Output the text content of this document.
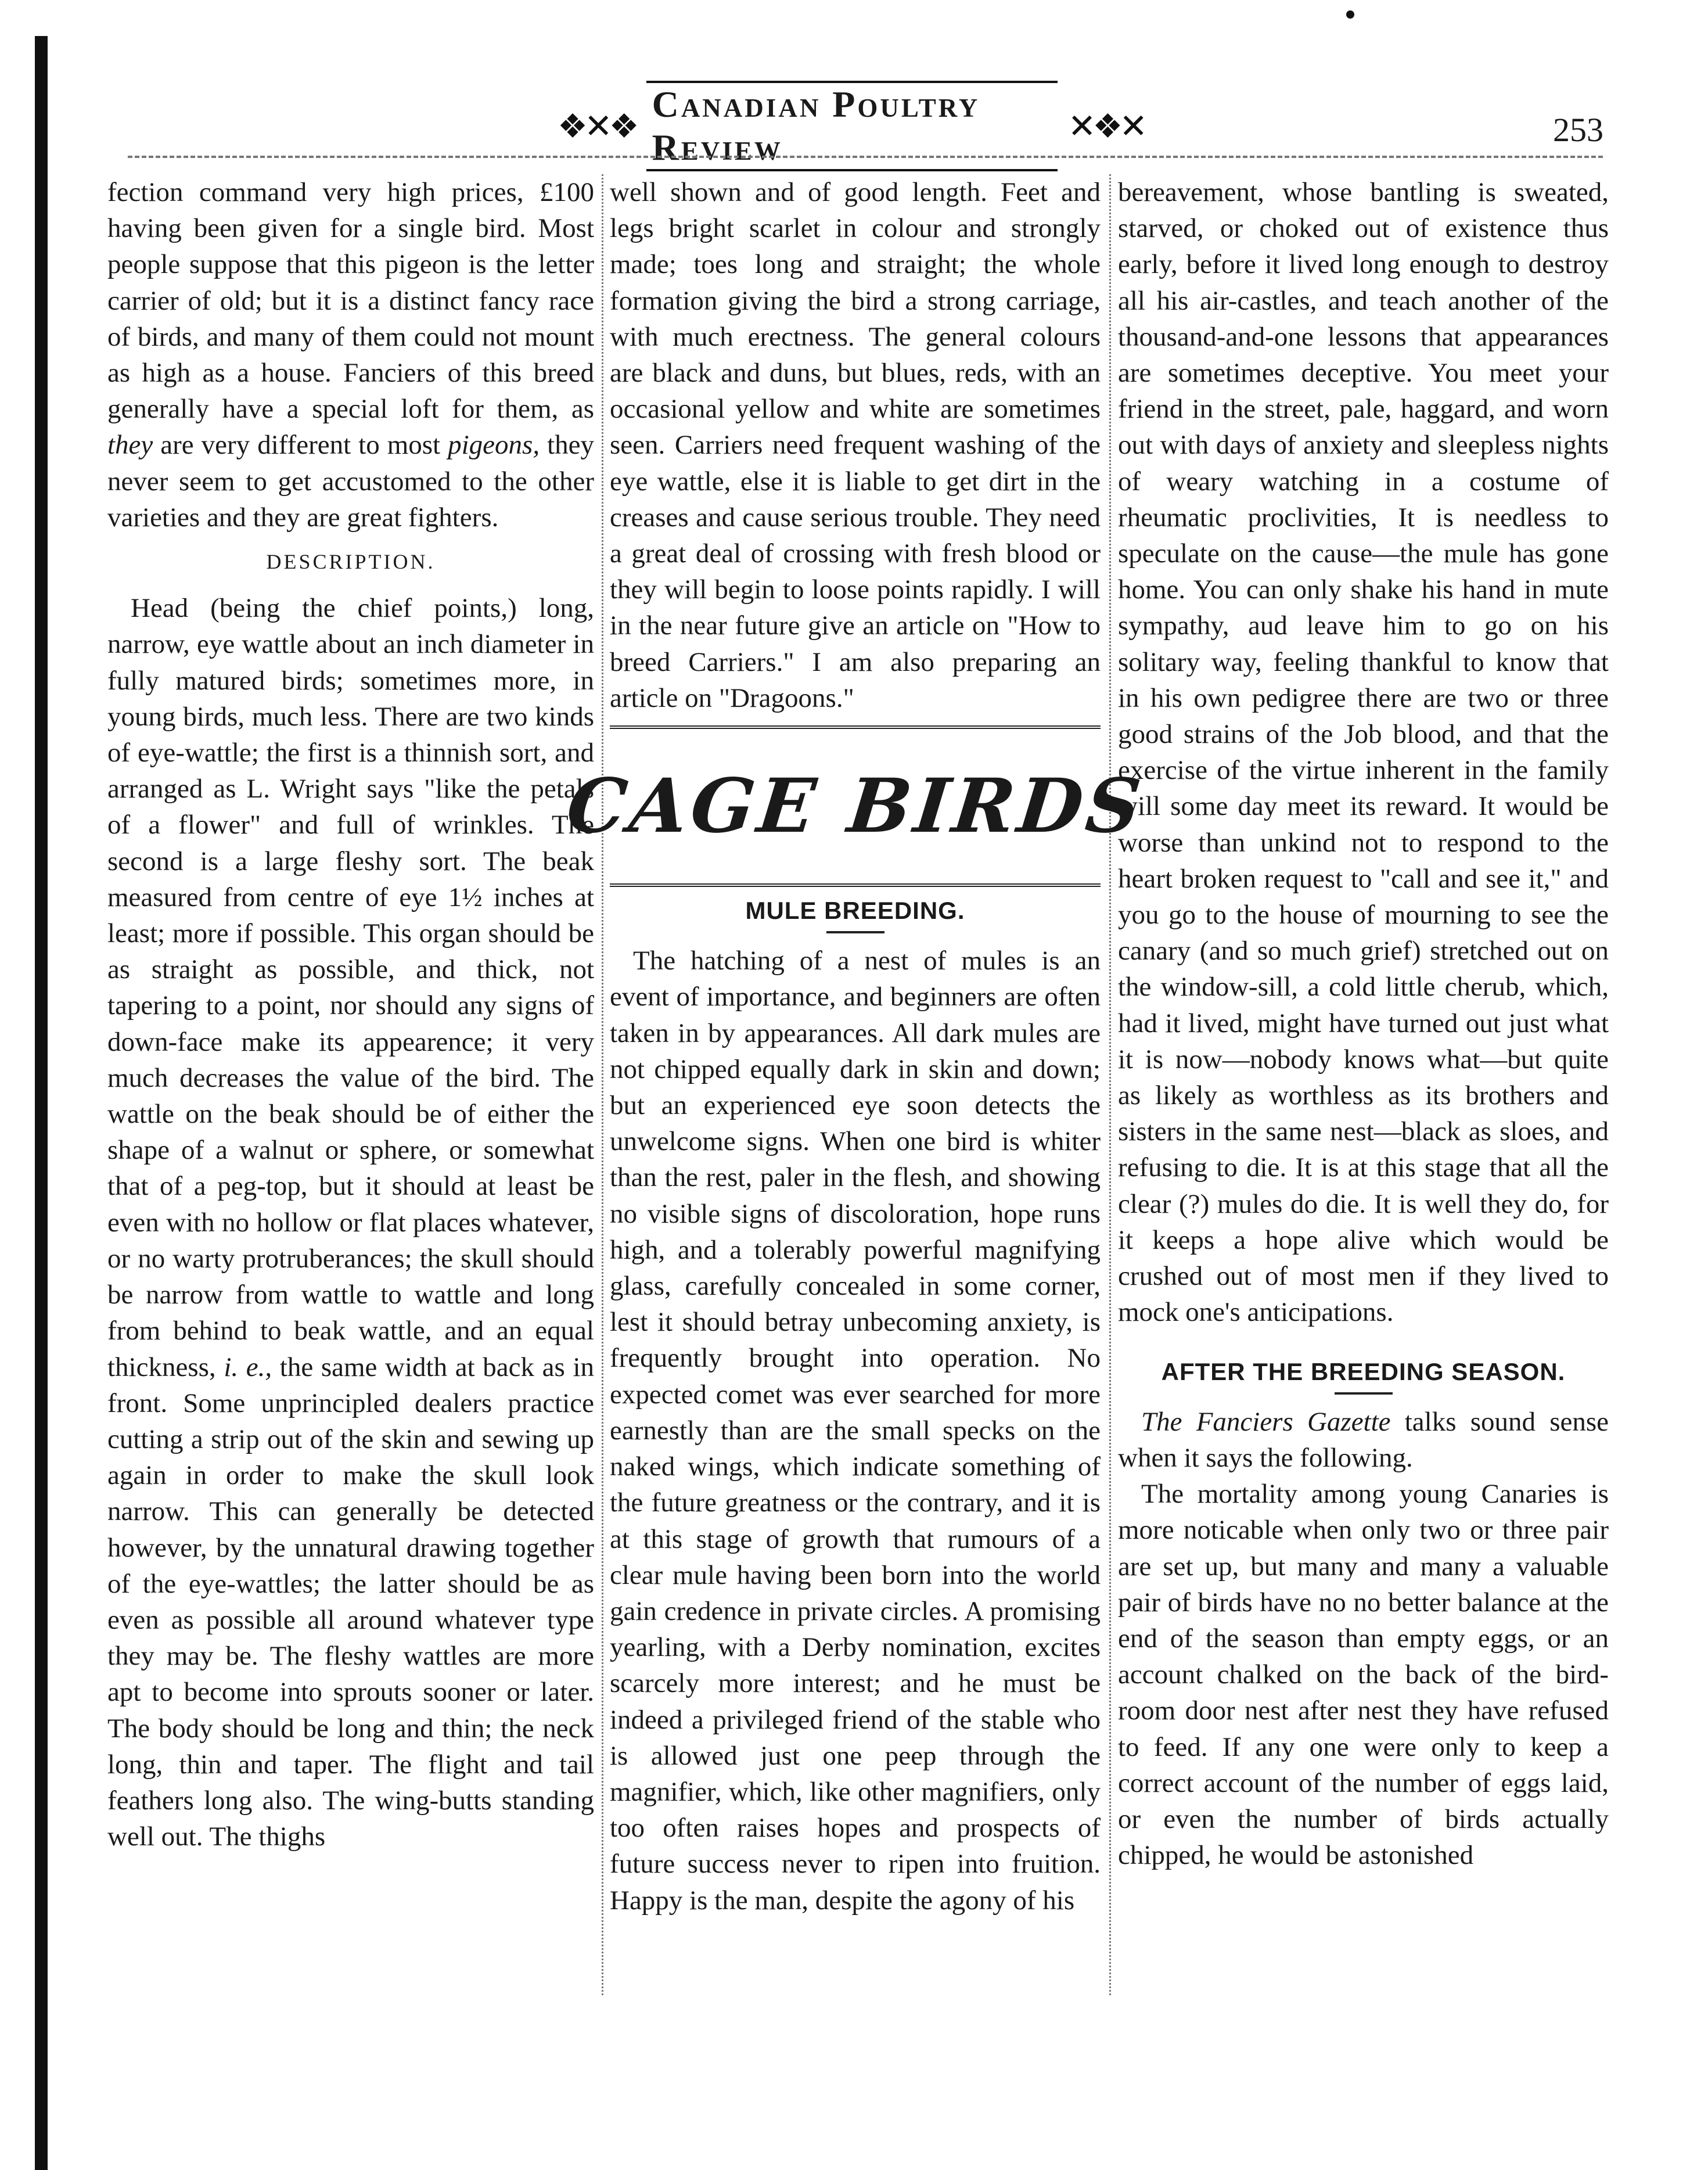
❖✕❖
Canadian Poultry Review
✕❖✕	253

fection command very high prices, £100 having been given for a single bird. Most people suppose that this pigeon is the letter carrier of old; but it is a distinct fancy race of birds, and many of them could not mount as high as a house. Fanciers of this breed generally have a special loft for them, as they are very different to most pigeons, they never seem to get accustomed to the other varieties and they are great fighters.

DESCRIPTION.

Head (being the chief points,) long, narrow, eye wattle about an inch diameter in fully matured birds; sometimes more, in young birds, much less. There are two kinds of eye-wattle; the first is a thinnish sort, and arranged as L. Wright says "like the petals of a flower" and full of wrinkles. The second is a large fleshy sort. The beak measured from centre of eye 1½ inches at least; more if possible. This organ should be as straight as possible, and thick, not tapering to a point, nor should any signs of down-face make its appearence; it very much decreases the value of the bird. The wattle on the beak should be of either the shape of a walnut or sphere, or somewhat that of a peg-top, but it should at least be even with no hollow or flat places whatever, or no warty protruberances; the skull should be narrow from wattle to wattle and long from behind to beak wattle, and an equal thickness, i. e., the same width at back as in front. Some unprincipled dealers practice cutting a strip out of the skin and sewing up again in order to make the skull look narrow. This can generally be detected however, by the unnatural drawing together of the eye-wattles; the latter should be as even as possible all around whatever type they may be. The fleshy wattles are more apt to become into sprouts sooner or later. The body should be long and thin; the neck long, thin and taper. The flight and tail feathers long also. The wing-butts standing well out. The thighs

well shown and of good length. Feet and legs bright scarlet in colour and strongly made; toes long and straight; the whole formation giving the bird a strong carriage, with much erectness. The general colours are black and duns, but blues, reds, with an occasional yellow and white are sometimes seen. Carriers need frequent washing of the eye wattle, else it is liable to get dirt in the creases and cause serious trouble. They need a great deal of crossing with fresh blood or they will begin to loose points rapidly. I will in the near future give an article on "How to breed Carriers." I am also preparing an article on "Dragoons."

CAGE BIRDS
MULE BREEDING.

The hatching of a nest of mules is an event of importance, and beginners are often taken in by appearances. All dark mules are not chipped equally dark in skin and down; but an experienced eye soon detects the unwelcome signs. When one bird is whiter than the rest, paler in the flesh, and showing no visible signs of discoloration, hope runs high, and a tolerably powerful magnifying glass, carefully concealed in some corner, lest it should betray unbecoming anxiety, is frequently brought into operation. No expected comet was ever searched for more earnestly than are the small specks on the naked wings, which indicate something of the future greatness or the contrary, and it is at this stage of growth that rumours of a clear mule having been born into the world gain credence in private circles. A promising yearling, with a Derby nomination, excites scarcely more interest; and he must be indeed a privileged friend of the stable who is allowed just one peep through the magnifier, which, like other magnifiers, only too often raises hopes and prospects of future success never to ripen into fruition. Happy is the man, despite the agony of his

bereavement, whose bantling is sweated, starved, or choked out of existence thus early, before it lived long enough to destroy all his air-castles, and teach another of the thousand-and-one lessons that appearances are sometimes deceptive. You meet your friend in the street, pale, haggard, and worn out with days of anxiety and sleepless nights of weary watching in a costume of rheumatic proclivities, It is needless to speculate on the cause—the mule has gone home. You can only shake his hand in mute sympathy, aud leave him to go on his solitary way, feeling thankful to know that in his own pedigree there are two or three good strains of the Job blood, and that the exercise of the virtue inherent in the family will some day meet its reward. It would be worse than unkind not to respond to the heart broken request to "call and see it," and you go to the house of mourning to see the canary (and so much grief) stretched out on the window-sill, a cold little cherub, which, had it lived, might have turned out just what it is now—nobody knows what—but quite as likely as worthless as its brothers and sisters in the same nest—black as sloes, and refusing to die. It is at this stage that all the clear (?) mules do die. It is well they do, for it keeps a hope alive which would be crushed out of most men if they lived to mock one's anticipations.

AFTER THE BREEDING SEASON.

The Fanciers Gazette talks sound sense when it says the following.

The mortality among young Canaries is more noticable when only two or three pair are set up, but many and many a valuable pair of birds have no no better balance at the end of the season than empty eggs, or an account chalked on the back of the bird-room door nest after nest they have refused to feed. If any one were only to keep a correct account of the number of eggs laid, or even the number of birds actually chipped, he would be astonished
